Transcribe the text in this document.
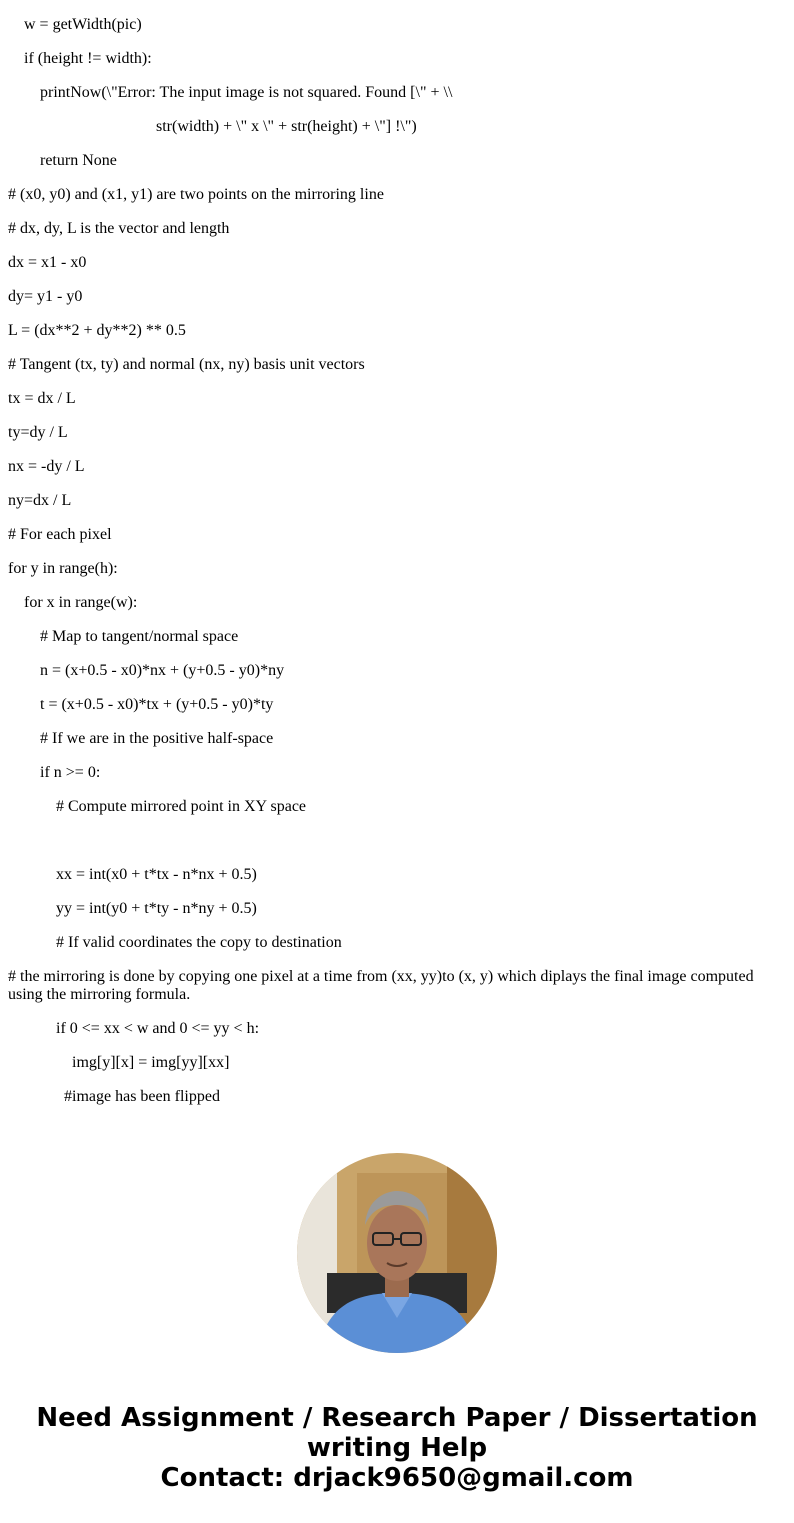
w = getWidth(pic)
if (height != width):
printNow(\"Error: The input image is not squared. Found [\" + \\
str(width) + \" x \" + str(height) + \"] !\")
return None
# (x0, y0) and (x1, y1) are two points on the mirroring line
# dx, dy, L is the vector and length
dx = x1 - x0
dy= y1 - y0
L = (dx**2 + dy**2) ** 0.5
# Tangent (tx, ty) and normal (nx, ny) basis unit vectors
tx = dx / L
ty=dy / L
nx = -dy / L
ny=dx / L
# For each pixel
for y in range(h):
for x in range(w):
# Map to tangent/normal space
n = (x+0.5 - x0)*nx + (y+0.5 - y0)*ny
t = (x+0.5 - x0)*tx + (y+0.5 - y0)*ty
# If we are in the positive half-space
if n >= 0:
# Compute mirrored point in XY space
xx = int(x0 + t*tx - n*nx + 0.5)
yy = int(y0 + t*ty - n*ny + 0.5)
# If valid coordinates the copy to destination
# the mirroring is done by copying one pixel at a time from (xx, yy)to (x, y) which diplays the final image computed using the mirroring formula.
if 0 <= xx < w and 0 <= yy < h:
img[y][x] = img[yy][xx]
#image has been flipped
Need Assignment / Research Paper / Dissertation
writing Help
Contact: drjack9650@gmail.com
